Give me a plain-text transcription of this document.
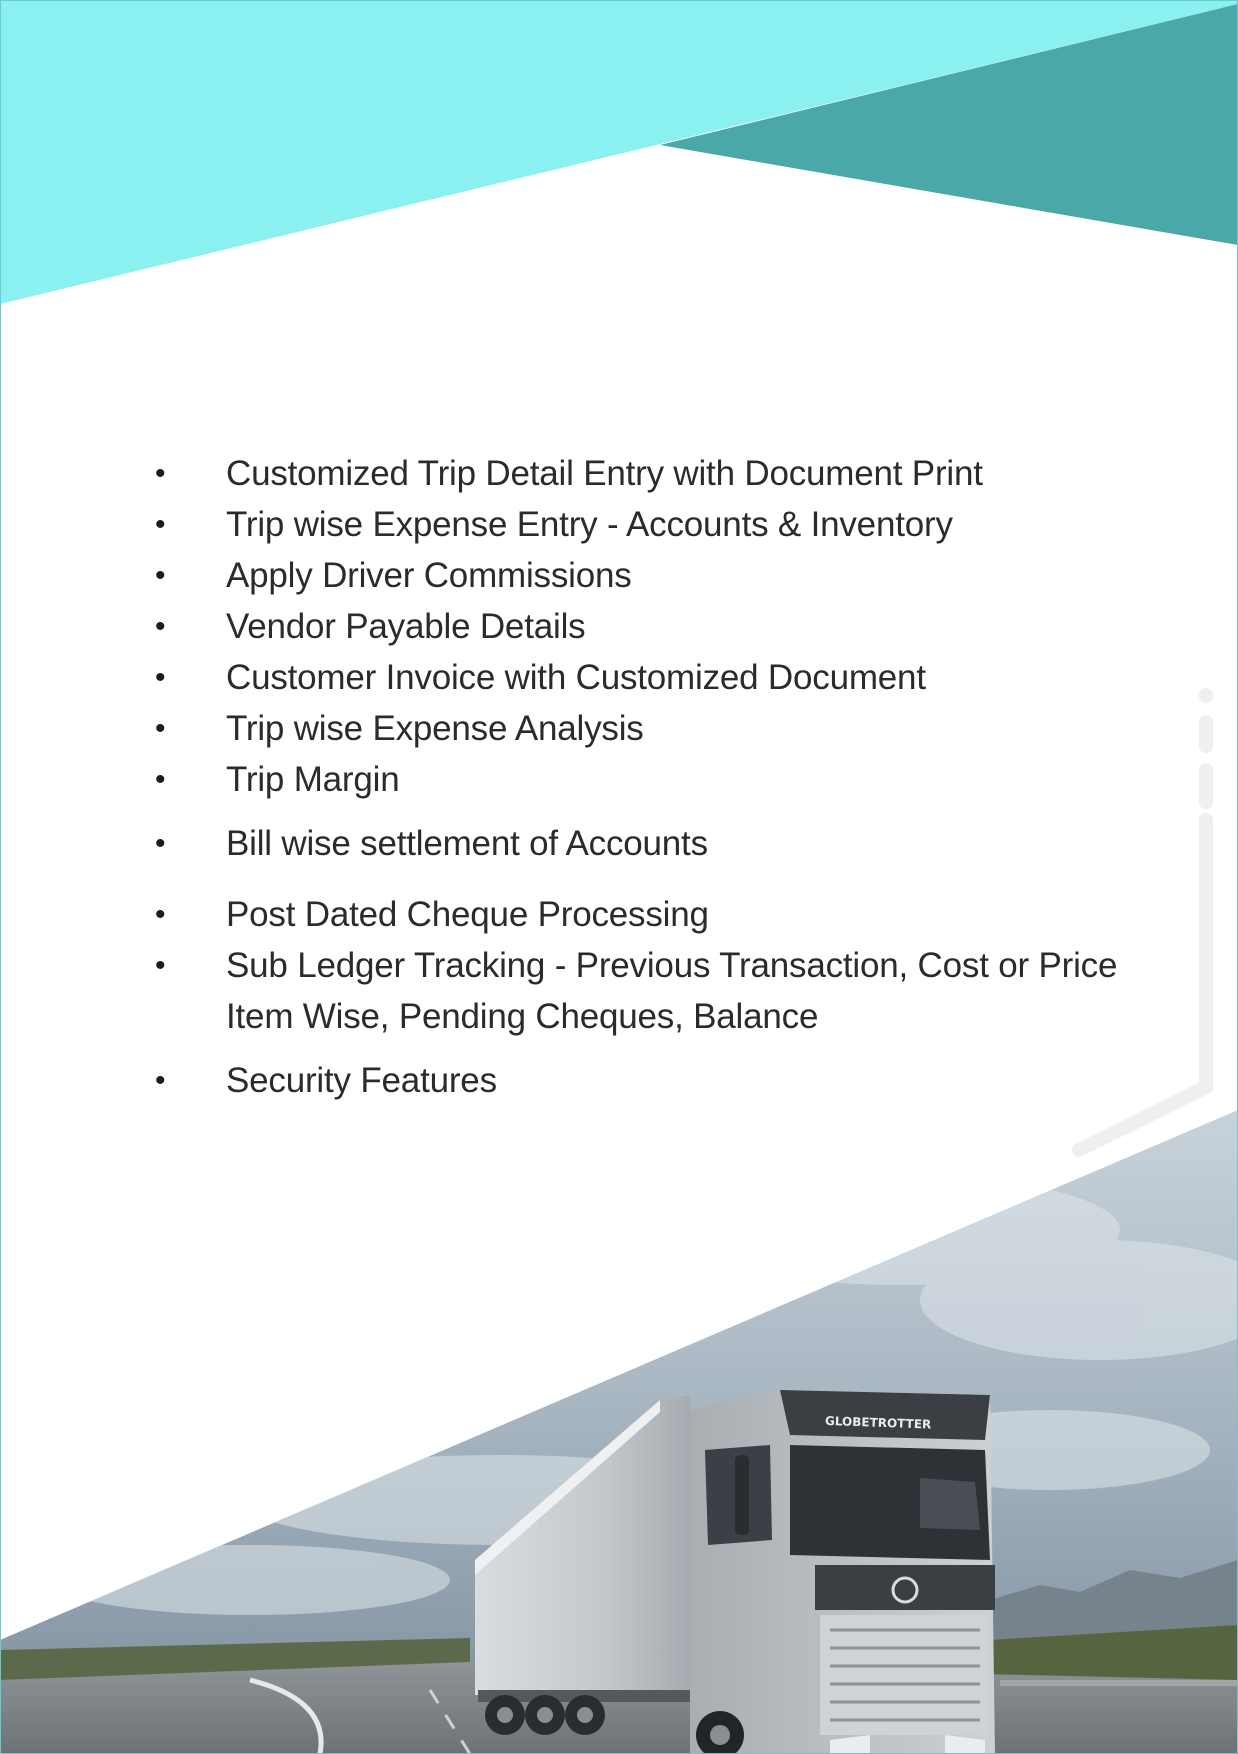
GLOBETROTTER
• Customized Trip Detail Entry with Document Print
• Trip wise Expense Entry - Accounts & Inventory
• Apply Driver Commissions
• Vendor Payable Details
• Customer Invoice with Customized Document
• Trip wise Expense Analysis
• Trip Margin
• Bill wise settlement of Accounts
• Post Dated Cheque Processing
• Sub Ledger Tracking - Previous Transaction, Cost or Price Item Wise, Pending Cheques, Balance
• Security Features
